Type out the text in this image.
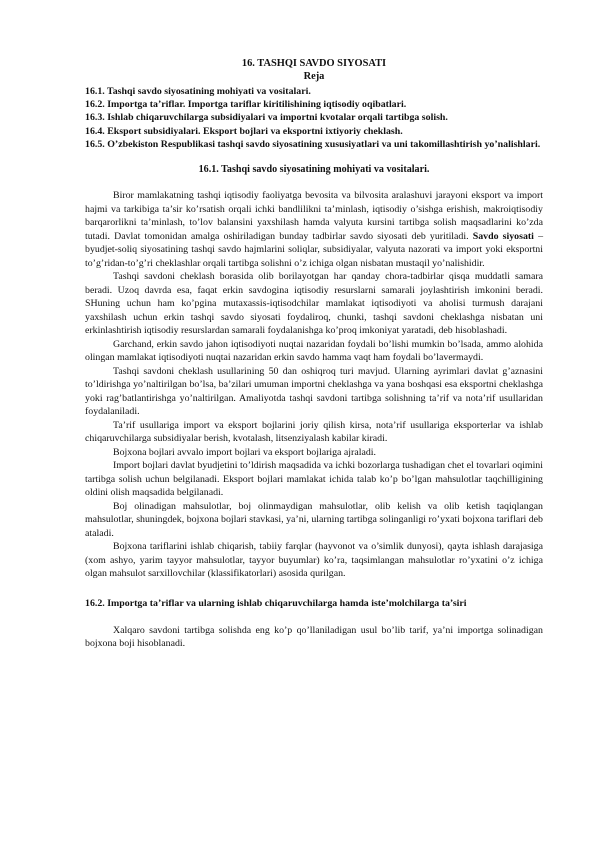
16. TASHQI SAVDO SIYOSATI
Reja
16.1. Tashqi savdo siyosatining mohiyati va vositalari.
16.2. Importga ta’riflar. Importga tariflar kiritilishining iqtisodiy oqibatlari.
16.3. Ishlab chiqaruvchilarga subsidiyalari va importni kvotalar orqali tartibga solish.
16.4. Eksport subsidiyalari. Eksport bojlari va eksportni ixtiyoriy cheklash.
16.5. O’zbekiston Respublikasi tashqi savdo siyosatining xususiyatlari va uni takomillashtirish yo’nalishlari.
16.1. Tashqi savdo siyosatining mohiyati va vositalari.

Biror mamlakatning tashqi iqtisodiy faoliyatga bevosita va bilvosita aralashuvi jarayoni eksport va import hajmi va tarkibiga ta’sir ko’rsatish orqali ichki bandlilikni ta’minlash, iqtisodiy o’sishga erishish, makroiqtisodiy barqarorlikni ta’minlash, to’lov balansini yaxshilash hamda valyuta kursini tartibga solish maqsadlarini ko’zda tutadi. Davlat tomonidan amalga oshiriladigan bunday tadbirlar savdo siyosati deb yuritiladi. Savdo siyosati – byudjet-soliq siyosatining tashqi savdo hajmlarini soliqlar, subsidiyalar, valyuta nazorati va import yoki eksportni to’g’ridan-to’g’ri cheklashlar orqali tartibga solishni o’z ichiga olgan nisbatan mustaqil yo’nalishidir.

Tashqi savdoni cheklash borasida olib borilayotgan har qanday chora-tadbirlar qisqa muddatli samara beradi. Uzoq davrda esa, faqat erkin savdogina iqtisodiy resurslarni samarali joylashtirish imkonini beradi. SHuning uchun ham ko’pgina mutaxassis-iqtisodchilar mamlakat iqtisodiyoti va aholisi turmush darajani yaxshilash uchun erkin tashqi savdo siyosati foydaliroq, chunki, tashqi savdoni cheklashga nisbatan uni erkinlashtirish iqtisodiy resurslardan samarali foydalanishga ko’proq imkoniyat yaratadi, deb hisoblashadi.

Garchand, erkin savdo jahon iqtisodiyoti nuqtai nazaridan foydali bo’lishi mumkin bo’lsada, ammo alohida olingan mamlakat iqtisodiyoti nuqtai nazaridan erkin savdo hamma vaqt ham foydali bo’lavermaydi.

Tashqi savdoni cheklash usullarining 50 dan oshiqroq turi mavjud. Ularning ayrimlari davlat g’aznasini to’ldirishga yo’naltirilgan bo’lsa, ba’zilari umuman importni cheklashga va yana boshqasi esa eksportni cheklashga yoki rag’batlantirishga yo’naltirilgan. Amaliyotda tashqi savdoni tartibga solishning ta’rif va nota’rif usullaridan foydalaniladi.

Ta’rif usullariga import va eksport bojlarini joriy qilish kirsa, nota’rif usullariga eksporterlar va ishlab chiqaruvchilarga subsidiyalar berish, kvotalash, litsenziyalash kabilar kiradi.

Bojxona bojlari avvalo import bojlari va eksport bojlariga ajraladi.

Import bojlari davlat byudjetini to’ldirish maqsadida va ichki bozorlarga tushadigan chet el tovarlari oqimini tartibga solish uchun belgilanadi. Eksport bojlari mamlakat ichida talab ko’p bo’lgan mahsulotlar taqchilligining oldini olish maqsadida belgilanadi.

Boj olinadigan mahsulotlar, boj olinmaydigan mahsulotlar, olib kelish va olib ketish taqiqlangan mahsulotlar, shuningdek, bojxona bojlari stavkasi, ya’ni, ularning tartibga solinganligi ro’yxati bojxona tariflari deb ataladi.

Bojxona tariflarini ishlab chiqarish, tabiiy farqlar (hayvonot va o’simlik dunyosi), qayta ishlash darajasiga (xom ashyo, yarim tayyor mahsulotlar, tayyor buyumlar) ko’ra, taqsimlangan mahsulotlar ro’yxatini o’z ichiga olgan mahsulot sarxillovchilar (klassifikatorlari) asosida qurilgan.

16.2. Importga ta’riflar va ularning ishlab chiqaruvchilarga hamda iste’molchilarga ta’siri

Xalqaro savdoni tartibga solishda eng ko’p qo’llaniladigan usul bo’lib tarif, ya’ni importga solinadigan bojxona boji hisoblanadi.
